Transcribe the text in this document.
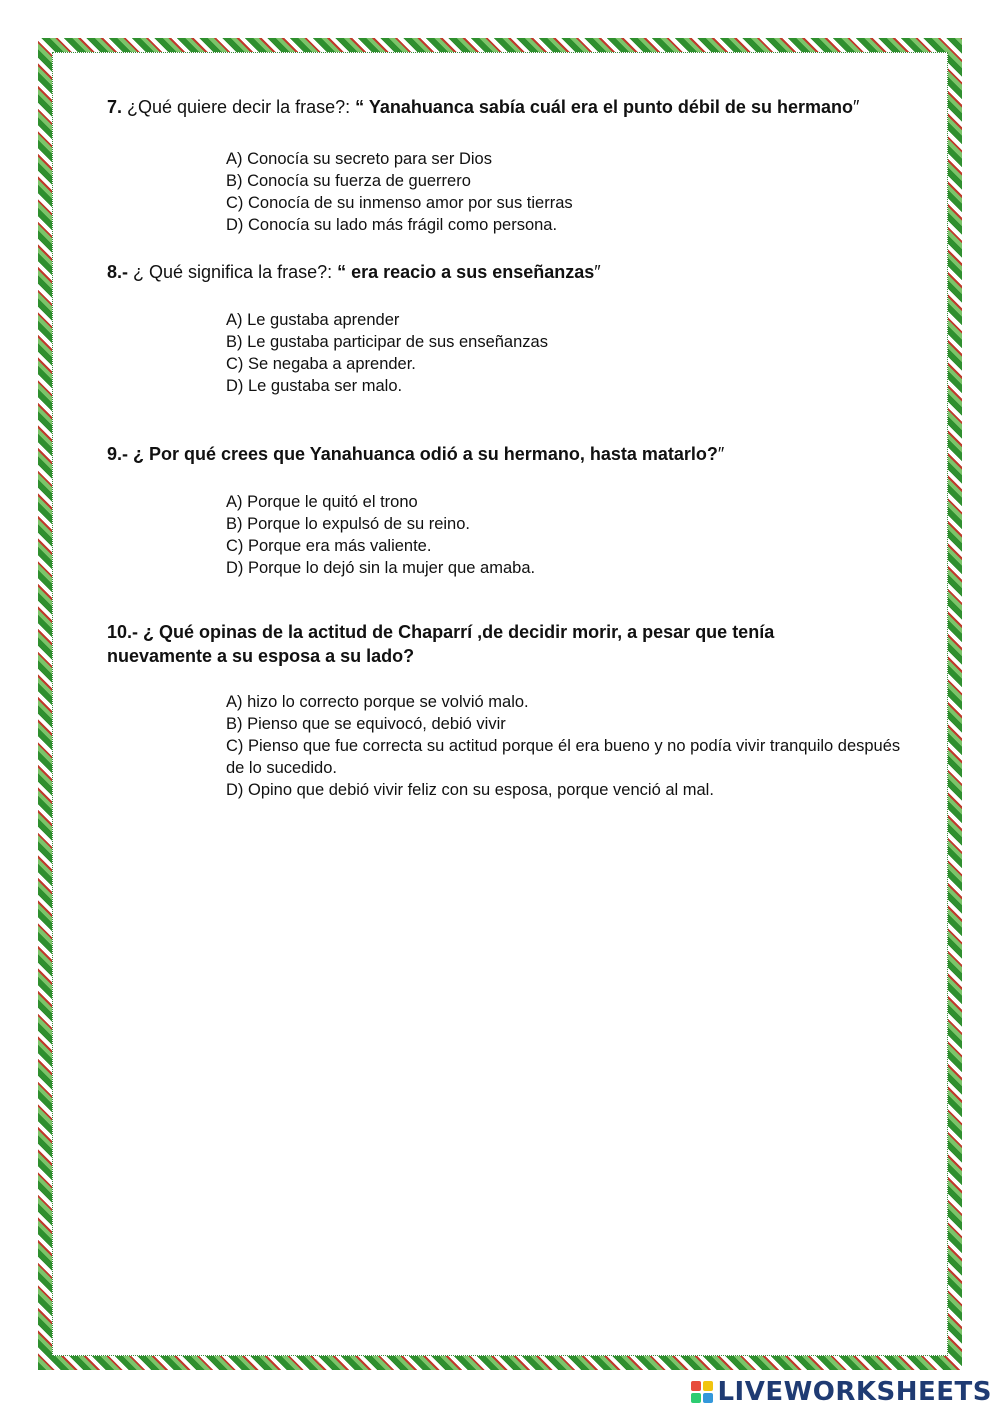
7. ¿Qué quiere decir la frase?: “ Yanahuanca sabía cuál era el punto débil de su hermano″
A) Conocía su secreto para ser Dios
B) Conocía su fuerza de guerrero
C) Conocía de su inmenso amor por sus tierras
D) Conocía su lado más frágil como persona.
8.- ¿ Qué significa la frase?: “ era reacio a sus enseñanzas″
A) Le gustaba aprender
B) Le gustaba participar de sus enseñanzas
C) Se negaba a aprender.
D) Le gustaba ser malo.
9.- ¿ Por qué crees que Yanahuanca odió a su hermano, hasta matarlo?″
A) Porque le quitó el trono
B) Porque lo expulsó de su reino.
C) Porque era más valiente.
D) Porque lo dejó sin la mujer que amaba.
10.- ¿ Qué opinas de la actitud de Chaparrí ,de decidir morir, a pesar que tenía nuevamente a su esposa a su lado?
A) hizo lo correcto porque se volvió malo.
B) Pienso que se equivocó, debió vivir
C) Pienso que fue correcta su actitud porque él era bueno y no podía vivir tranquilo después de lo sucedido.
D) Opino que debió vivir feliz con su esposa, porque venció al mal.
LIVEWORKSHEETS
